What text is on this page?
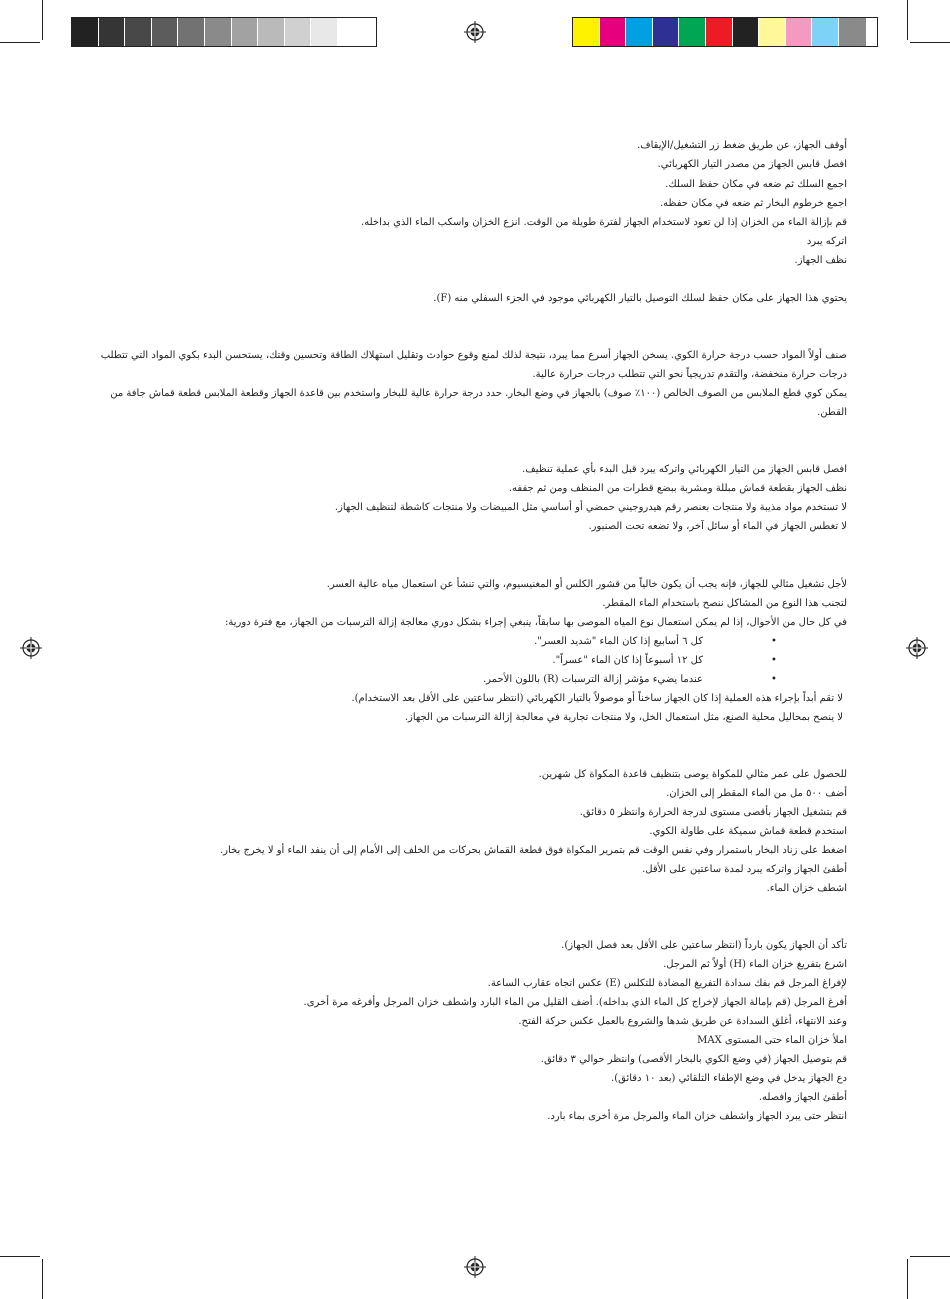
أوقف الجهاز، عن طريق ضغط زر التشغيل/الإيقاف.
افصل قابس الجهاز من مصدر التيار الكهربائي.
اجمع السلك ثم ضعه في مكان حفظ السلك.
اجمع خرطوم البخار ثم ضعه في مكان حفظه.
قم بإزالة الماء من الخزان إذا لن تعود لاستخدام الجهاز لفترة طويلة من الوقت. انزع الخزان واسكب الماء الذي بداخله.
اتركه يبرد
نظف الجهاز.
يحتوي هذا الجهاز على مكان حفظ لسلك التوصيل بالتيار الكهربائي موجود في الجزء السفلي منه (F).
صنف أولاً المواد حسب درجة حرارة الكوي. يسخن الجهاز أسرع مما يبرد، نتيجة لذلك لمنع وقوع حوادث وتقليل استهلاك الطاقة وتحسين وقتك، يستحسن البدء بكوي المواد التي تتطلب
درجات حرارة منخفضة، والتقدم تدريجياً نحو التي تتطلب درجات حرارة عالية.
يمكن كوي قطع الملابس من الصوف الخالص (١٠٠٪ صوف) بالجهاز في وضع البخار. حدد درجة حرارة عالية للبخار واستخدم بين قاعدة الجهاز وقطعة الملابس قطعة قماش جافة من
القطن.
افصل قابس الجهاز من التيار الكهربائي واتركه يبرد قبل البدء بأي عملية تنظيف.
نظف الجهاز بقطعة قماش مبللة ومشربة ببضع قطرات من المنظف ومن ثم جففه.
لا تستخدم مواد مذيبة ولا منتجات بعنصر رقم هيدروجيني حمضي أو أساسي مثل المبيضات ولا منتجات كاشطة لتنظيف الجهاز.
لا تغطس الجهاز في الماء أو سائل آخر، ولا تضعه تحت الصنبور.
لأجل تشغيل مثالي للجهاز، فإنه يجب أن يكون خالياً من قشور الكلس أو المغنيسيوم، والتي تنشأ عن استعمال مياه عالية العسر.
لتجنب هذا النوع من المشاكل ننصح باستخدام الماء المقطر.
في كل حال من الأحوال، إذا لم يمكن استعمال نوع المياه الموصى بها سابقاً، ينبغي إجراء بشكل دوري معالجة إزالة الترسبات من الجهاز، مع فترة دورية:
كل ٦ أسابيع إذا كان الماء "شديد العسر".	•
كل ١٢ أسبوعاً إذا كان الماء "عسراً".	•
عندما يضيء مؤشر إزالة الترسبات (R) باللون الأحمر.	•
لا تقم أبداً بإجراء هذه العملية إذا كان الجهاز ساخناً أو موصولاً بالتيار الكهربائي (انتظر ساعتين على الأقل بعد الاستخدام).
لا ينصح بمحاليل محلية الصنع، مثل استعمال الخل، ولا منتجات تجارية في معالجة إزالة الترسبات من الجهاز.
للحصول على عمر مثالي للمكواة يوصى بتنظيف قاعدة المكواة كل شهرين.
أضف ٥٠٠ مل من الماء المقطر إلى الخزان.
قم بتشغيل الجهاز بأقصى مستوى لدرجة الحرارة وانتظر ٥ دقائق.
استخدم قطعة قماش سميكة على طاولة الكوي.
اضغط على زناد البخار باستمرار وفي نفس الوقت قم بتمرير المكواة فوق قطعة القماش بحركات من الخلف إلى الأمام إلى أن ينفد الماء أو لا يخرج بخار.
أطفئ الجهاز واتركه يبرد لمدة ساعتين على الأقل.
اشطف خزان الماء.
تأكد أن الجهاز يكون بارداً (انتظر ساعتين على الأقل بعد فصل الجهاز).
اشرع بتفريغ خزان الماء (H) أولاً ثم المرجل.
لإفراغ المرجل قم بفك سدادة التفريغ المضادة للتكلس (E) عكس اتجاه عقارب الساعة.
أفرغ المرجل (قم بإمالة الجهاز لإخراج كل الماء الذي بداخله). أضف القليل من الماء البارد واشطف خزان المرجل وأفرغه مرة أخرى.
وعند الانتهاء، أغلق السدادة عن طريق شدها والشروع بالعمل عكس حركة الفتح.
املأ خزان الماء حتى المستوى MAX
قم بتوصيل الجهاز (في وضع الكوي بالبخار الأقصى) وانتظر حوالي ٣ دقائق.
دع الجهاز يدخل في وضع الإطفاء التلقائي (بعد ١٠ دقائق).
أطفئ الجهاز وافصله.
انتظر حتى يبرد الجهاز واشطف خزان الماء والمرجل مرة أخرى بماء بارد.
